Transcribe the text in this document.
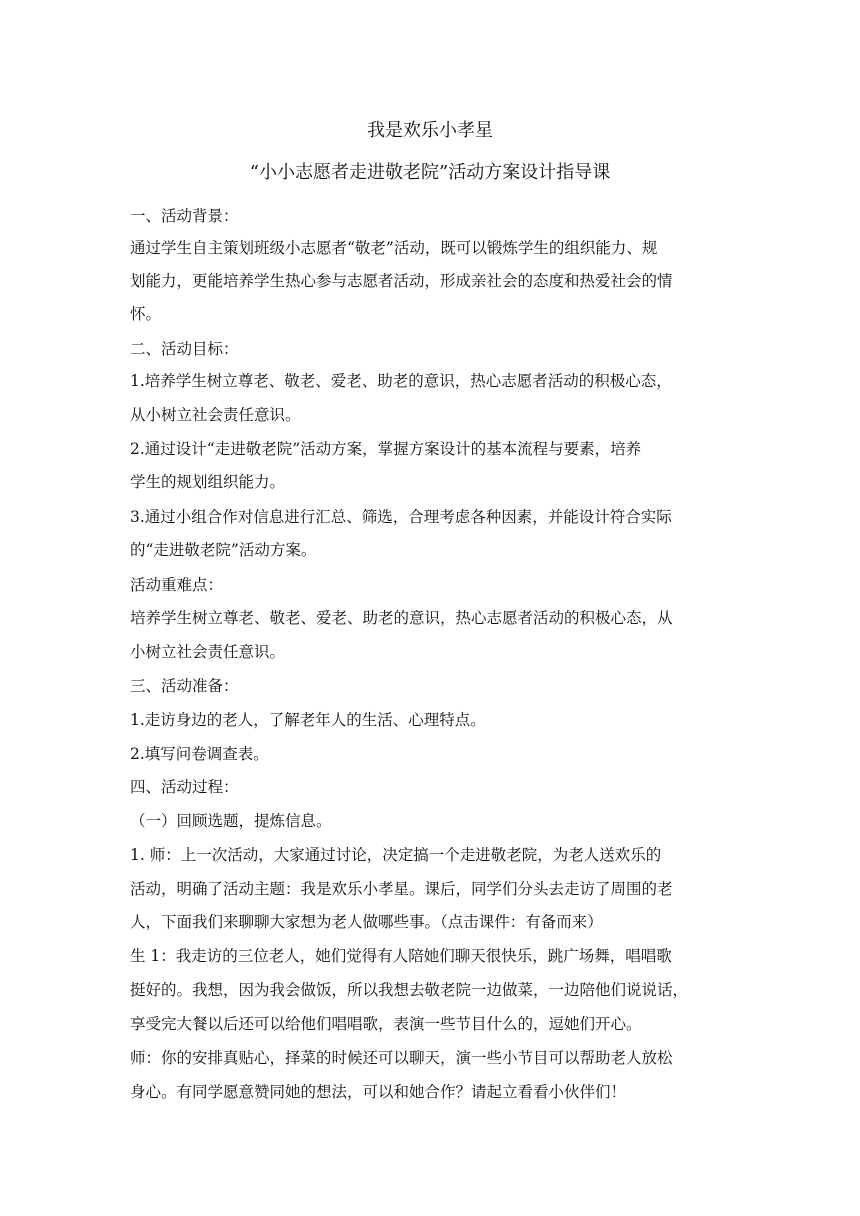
我是欢乐小孝星
“小小志愿者走进敬老院”活动方案设计指导课
一、活动背景：
通过学生自主策划班级小志愿者“敬老”活动，既可以锻炼学生的组织能力、规
划能力，更能培养学生热心参与志愿者活动，形成亲社会的态度和热爱社会的情
怀。
二、活动目标：
1.培养学生树立尊老、敬老、爱老、助老的意识，热心志愿者活动的积极心态，
从小树立社会责任意识。
2.通过设计“走进敬老院”活动方案，掌握方案设计的基本流程与要素，培养
学生的规划组织能力。
3.通过小组合作对信息进行汇总、筛选，合理考虑各种因素，并能设计符合实际
的“走进敬老院”活动方案。
活动重难点：
培养学生树立尊老、敬老、爱老、助老的意识，热心志愿者活动的积极心态，从
小树立社会责任意识。
三、活动准备：
1.走访身边的老人，了解老年人的生活、心理特点。
2.填写问卷调查表。
四、活动过程：
（一）回顾选题，提炼信息。
1. 师：上一次活动，大家通过讨论，决定搞一个走进敬老院，为老人送欢乐的
活动，明确了活动主题：我是欢乐小孝星。课后，同学们分头去走访了周围的老
人，下面我们来聊聊大家想为老人做哪些事。（点击课件：有备而来）
生 1：我走访的三位老人，她们觉得有人陪她们聊天很快乐，跳广场舞，唱唱歌
挺好的。我想，因为我会做饭，所以我想去敬老院一边做菜，一边陪他们说说话，
享受完大餐以后还可以给他们唱唱歌，表演一些节目什么的，逗她们开心。
师：你的安排真贴心，择菜的时候还可以聊天，演一些小节目可以帮助老人放松
身心。有同学愿意赞同她的想法，可以和她合作？请起立看看小伙伴们！
